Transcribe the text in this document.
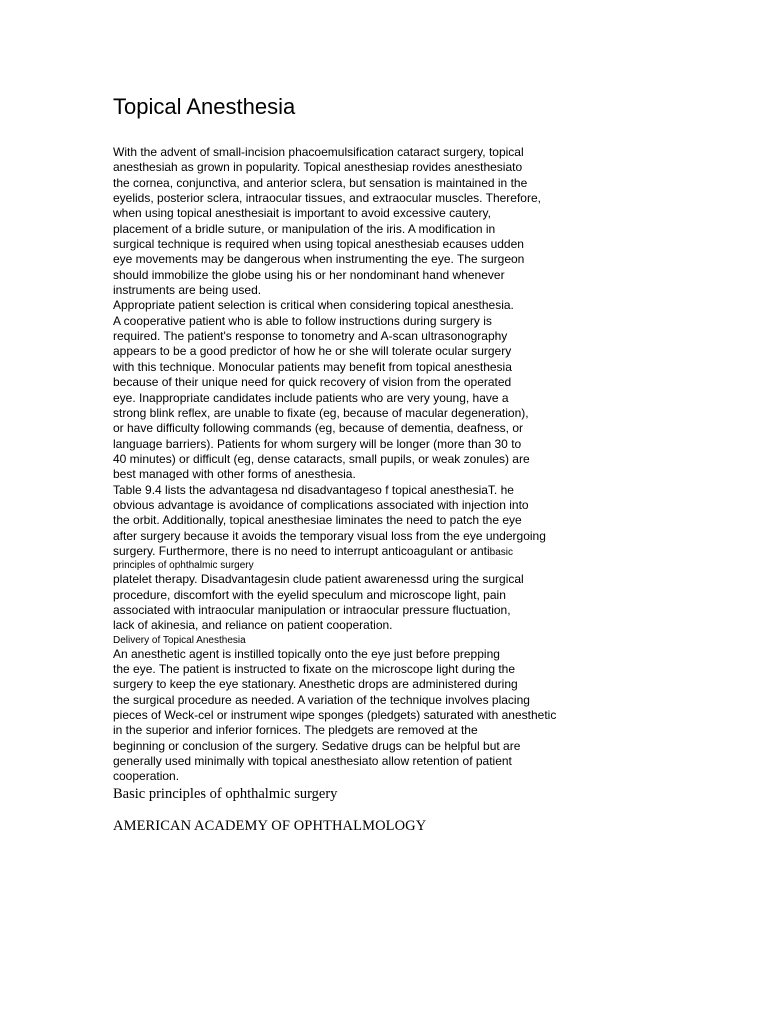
Topical Anesthesia
With the advent of small-incision phacoemulsification cataract surgery, topical
anesthesiah as grown in popularity. Topical anesthesiap rovides anesthesiato
the cornea, conjunctiva, and anterior sclera, but sensation is maintained in the
eyelids, posterior sclera, intraocular tissues, and extraocular muscles. Therefore,
when using topical anesthesiait is important to avoid excessive cautery,
placement of a bridle suture, or manipulation of the iris. A modification in
surgical technique is required when using topical anesthesiab ecauses udden
eye movements may be dangerous when instrumenting the eye. The surgeon
should immobilize the globe using his or her nondominant hand whenever
instruments are being used.
Appropriate patient selection is critical when considering topical anesthesia.
A cooperative patient who is able to follow instructions during surgery is
required. The patient's response to tonometry and A-scan ultrasonography
appears to be a good predictor of how he or she will tolerate ocular surgery
with this technique. Monocular patients may benefit from topical anesthesia
because of their unique need for quick recovery of vision from the operated
eye. Inappropriate candidates include patients who are very young, have a
strong blink reflex, are unable to fixate (eg, because of macular degeneration),
or have difficulty following commands (eg, because of dementia, deafness, or
language barriers). Patients for whom surgery will be longer (more than 30 to
40 minutes) or difficult (eg, dense cataracts, small pupils, or weak zonules) are
best managed with other forms of anesthesia.
Table 9.4 lists the advantagesa nd disadvantageso f topical anesthesiaT. he
obvious advantage is avoidance of complications associated with injection into
the orbit. Additionally, topical anesthesiae liminates the need to patch the eye
after surgery because it avoids the temporary visual loss from the eye undergoing
surgery. Furthermore, there is no need to interrupt anticoagulant or antibasic
principles of ophthalmic surgery
platelet therapy. Disadvantagesin clude patient awarenessd uring the surgical
procedure, discomfort with the eyelid speculum and microscope light, pain
associated with intraocular manipulation or intraocular pressure fluctuation,
lack of akinesia, and reliance on patient cooperation.
Delivery of Topical Anesthesia
An anesthetic agent is instilled topically onto the eye just before prepping
the eye. The patient is instructed to fixate on the microscope light during the
surgery to keep the eye stationary. Anesthetic drops are administered during
the surgical procedure as needed. A variation of the technique involves placing
pieces of Weck-cel or instrument wipe sponges (pledgets) saturated with anesthetic
in the superior and inferior fornices. The pledgets are removed at the
beginning or conclusion of the surgery. Sedative drugs can be helpful but are
generally used minimally with topical anesthesiato allow retention of patient
cooperation.
Basic principles of ophthalmic surgery
AMERICAN ACADEMY OF OPHTHALMOLOGY
